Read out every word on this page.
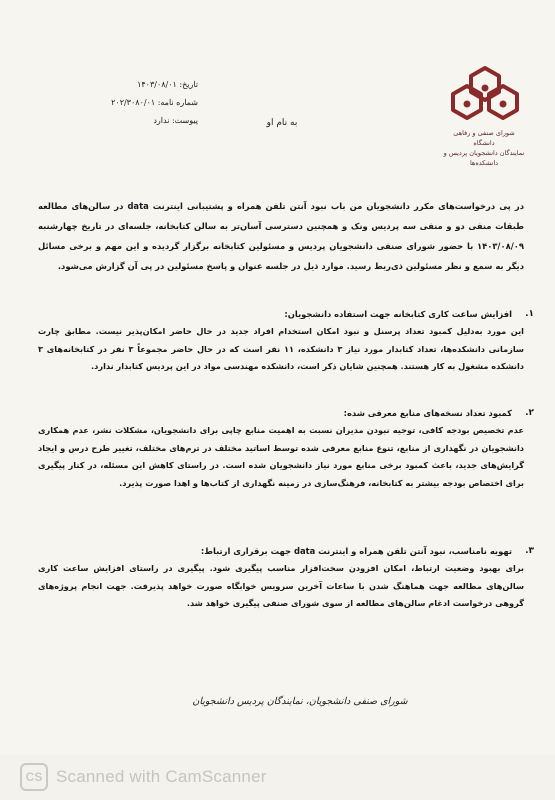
تاریخ: ۱۴۰۳/۰۸/۰۱
شماره نامه: ۲۰۲/۳۰۸۰/۰۱
پیوست: ندارد	به نام او
شورای صنفی و رفاهی دانشگاه
نمایندگان دانشجویان پردیس و دانشکده‌ها
در پی درخواست‌های مکرر دانشجویان من باب نبود آنتن تلفن همراه و پشتیبانی اینترنت data در سالن‌های مطالعه طبقات منفی دو و منفی سه پردیس ونک و همچنین دسترسی آسان‌تر به سالن کتابخانه، جلسه‌ای در تاریخ چهارشنبه ۱۴۰۳/۰۸/۰۹ با حضور شورای صنفی دانشجویان پردیس و مسئولین کتابخانه برگزار گردیده و این مهم و برخی مسائل دیگر به سمع و نظر مسئولین ذی‌ربط رسید. موارد ذیل در جلسه عنوان و پاسخ مسئولین در پی آن گزارش می‌شود.
۱.
افزایش ساعت کاری کتابخانه جهت استفاده دانشجویان:
این مورد به‌دلیل کمبود تعداد پرسنل و نبود امکان استخدام افراد جدید در حال حاضر امکان‌پذیر نیست. مطابق چارت سازمانی دانشکده‌ها، تعداد کتابدار مورد نیاز ۳ دانشکده، ۱۱ نفر است که در حال حاضر مجموعاً ۳ نفر در کتابخانه‌های ۳ دانشکده مشغول به کار هستند. همچنین شایان ذکر است، دانشکده مهندسی مواد در این پردیس کتابدار ندارد.
۲.
کمبود تعداد نسخه‌های منابع معرفی شده:
عدم تخصیص بودجه کافی، توجیه نبودن مدیران نسبت به اهمیت منابع چاپی برای دانشجویان، مشکلات نشر، عدم همکاری دانشجویان در نگهداری از منابع، تنوع منابع معرفی شده توسط اساتید مختلف در ترم‌های مختلف، تغییر طرح درس و ایجاد گرایش‌های جدید، باعث کمبود برخی منابع مورد نیاز دانشجویان شده است. در راستای کاهش این مسئله، در کنار پیگیری برای اختصاص بودجه بیشتر به کتابخانه، فرهنگ‌سازی در زمینه نگهداری از کتاب‌ها و اهدا صورت پذیرد.
۳.
تهویه نامناسب، نبود آنتن تلفن همراه و اینترنت data جهت برقراری ارتباط:
برای بهبود وضعیت ارتباط، امکان افزودن سخت‌افزار مناسب پیگیری شود. پیگیری در راستای افزایش ساعت کاری سالن‌های مطالعه جهت هماهنگ شدن با ساعات آخرین سرویس خوابگاه صورت خواهد پذیرفت. جهت انجام پروژه‌های گروهی درخواست ادغام سالن‌های مطالعه از سوی شورای صنفی پیگیری خواهد شد.
شورای صنفی دانشجویان، نمایندگان پردیس دانشجویان
CS Scanned with CamScanner
